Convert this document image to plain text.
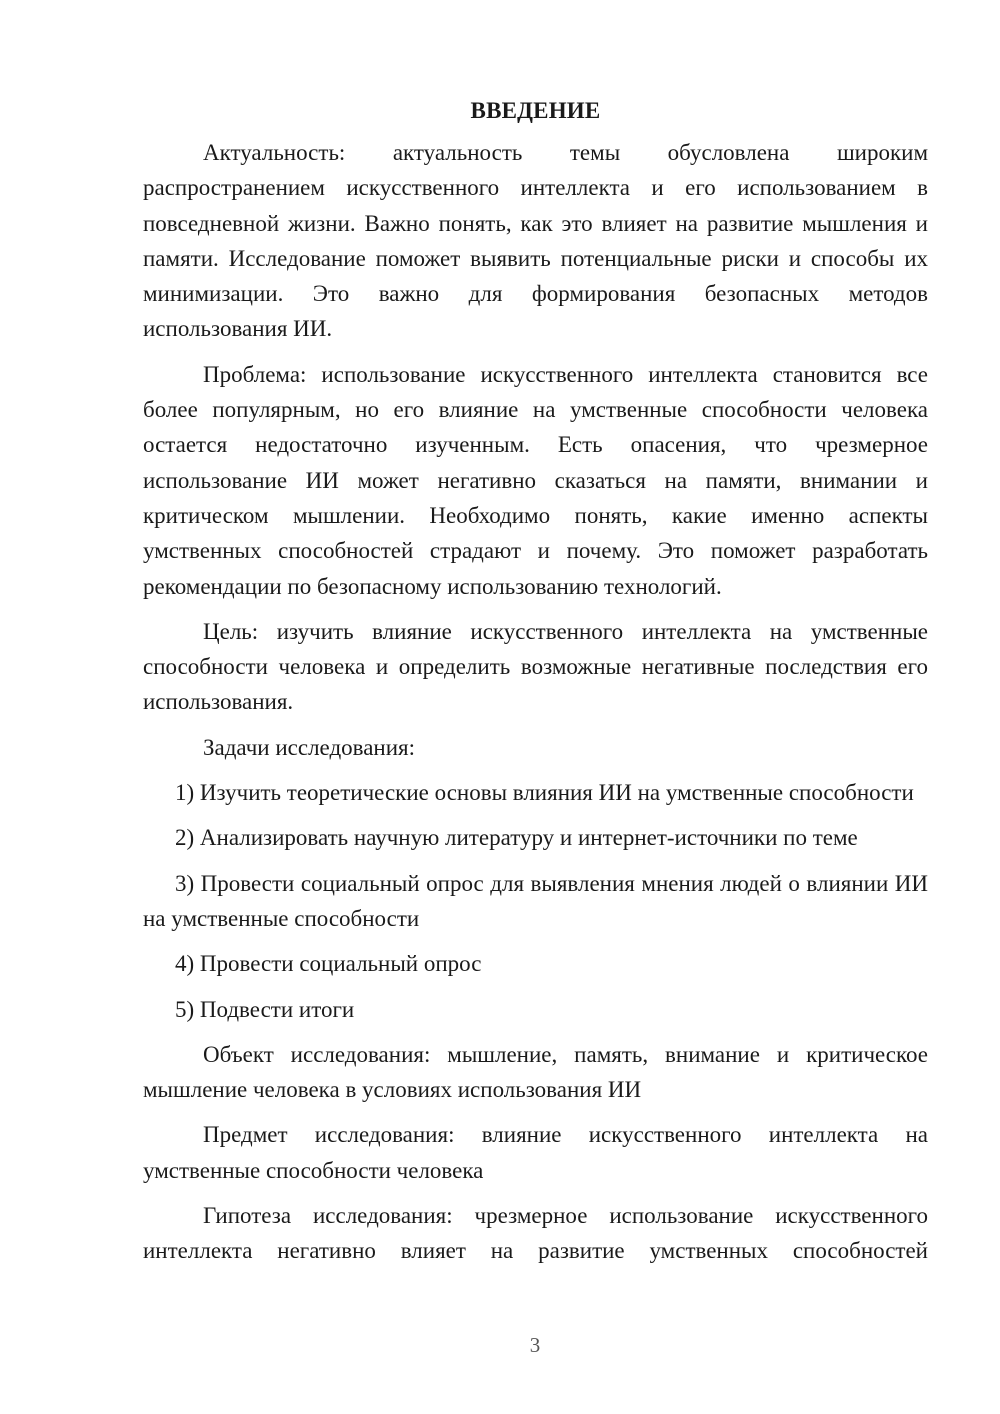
ВВЕДЕНИЕ

Актуальность: актуальность темы обусловлена широким распространением искусственного интеллекта и его использованием в повседневной жизни. Важно понять, как это влияет на развитие мышления и памяти. Исследование поможет выявить потенциальные риски и способы их минимизации. Это важно для формирования безопасных методов использования ИИ.

Проблема: использование искусственного интеллекта становится все более популярным, но его влияние на умственные способности человека остается недостаточно изученным. Есть опасения, что чрезмерное использование ИИ может негативно сказаться на памяти, внимании и критическом мышлении. Необходимо понять, какие именно аспекты умственных способностей страдают и почему. Это поможет разработать рекомендации по безопасному использованию технологий.

Цель: изучить влияние искусственного интеллекта на умственные способности человека и определить возможные негативные последствия его использования.

Задачи исследования:

1) Изучить теоретические основы влияния ИИ на умственные способности

2) Анализировать научную литературу и интернет-источники по теме

3) Провести социальный опрос для выявления мнения людей о влиянии ИИ на умственные способности

4) Провести социальный опрос

5) Подвести итоги

Объект исследования: мышление, память, внимание и критическое мышление человека в условиях использования ИИ

Предмет исследования: влияние искусственного интеллекта на умственные способности человека

Гипотеза исследования: чрезмерное использование искусственного интеллекта негативно влияет на развитие умственных способностей

3
